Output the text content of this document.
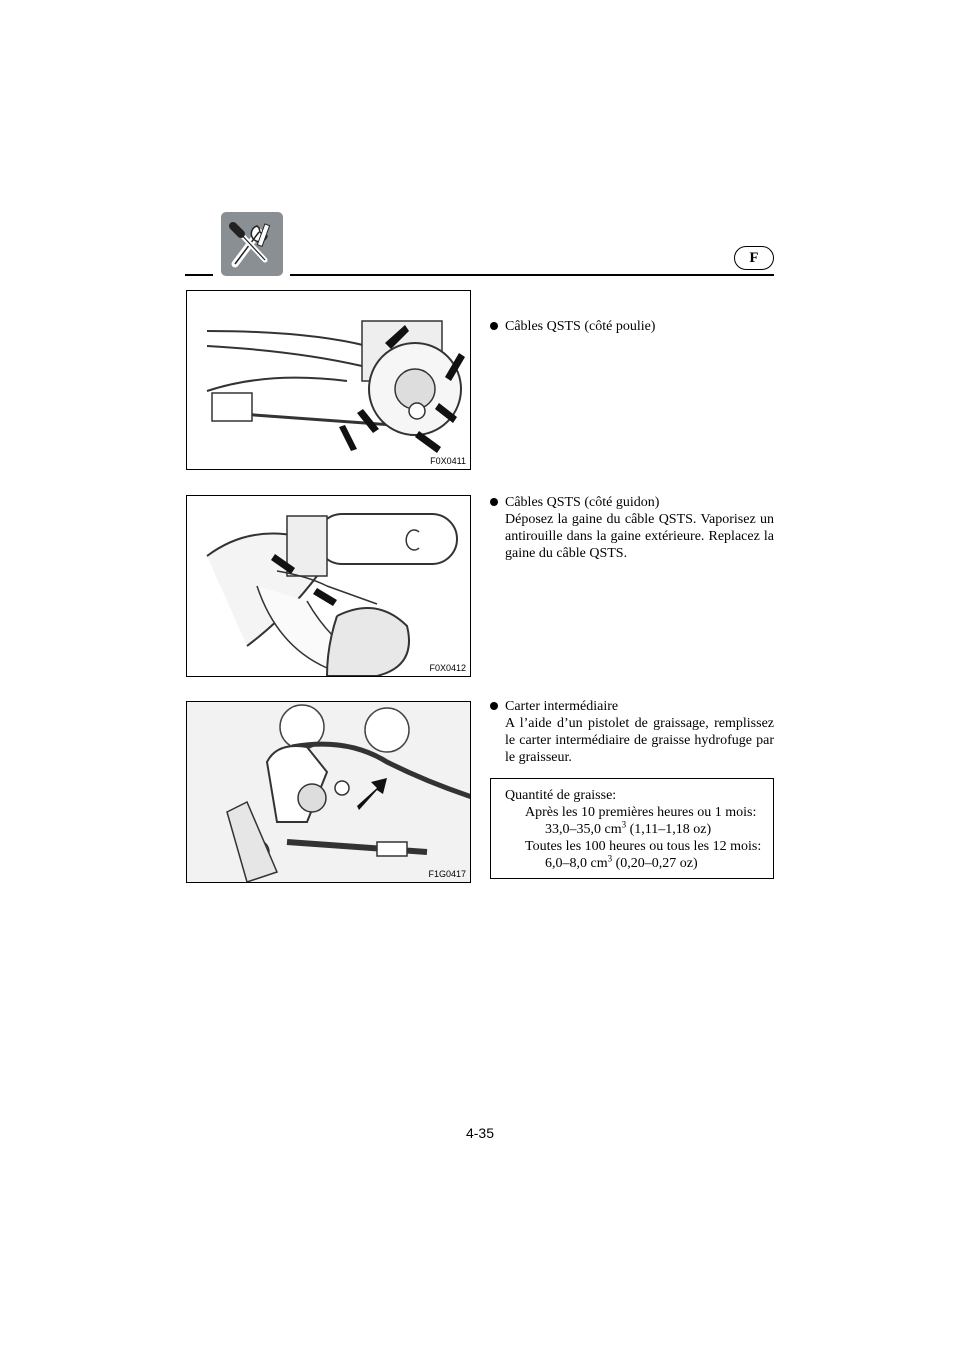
F
F0X0411
F0X0412
F1G0417
Câbles QSTS (côté poulie)
Câbles QSTS (côté guidon)
Déposez la gaine du câble QSTS. Vaporisez un antirouille dans la gaine extérieure. Replacez la gaine du câble QSTS.
Carter intermédiaire
A l’aide d’un pistolet de graissage, remplissez le carter intermédiaire de graisse hydrofuge par le graisseur.
Quantité de graisse:
Après les 10 premières heures ou 1 mois:
33,0–35,0 $cm^3$ (1,11–1,18 oz)
Toutes les 100 heures ou tous les 12 mois:
6,0–8,0 $cm^3$ (0,20–0,27 oz)
4-35
